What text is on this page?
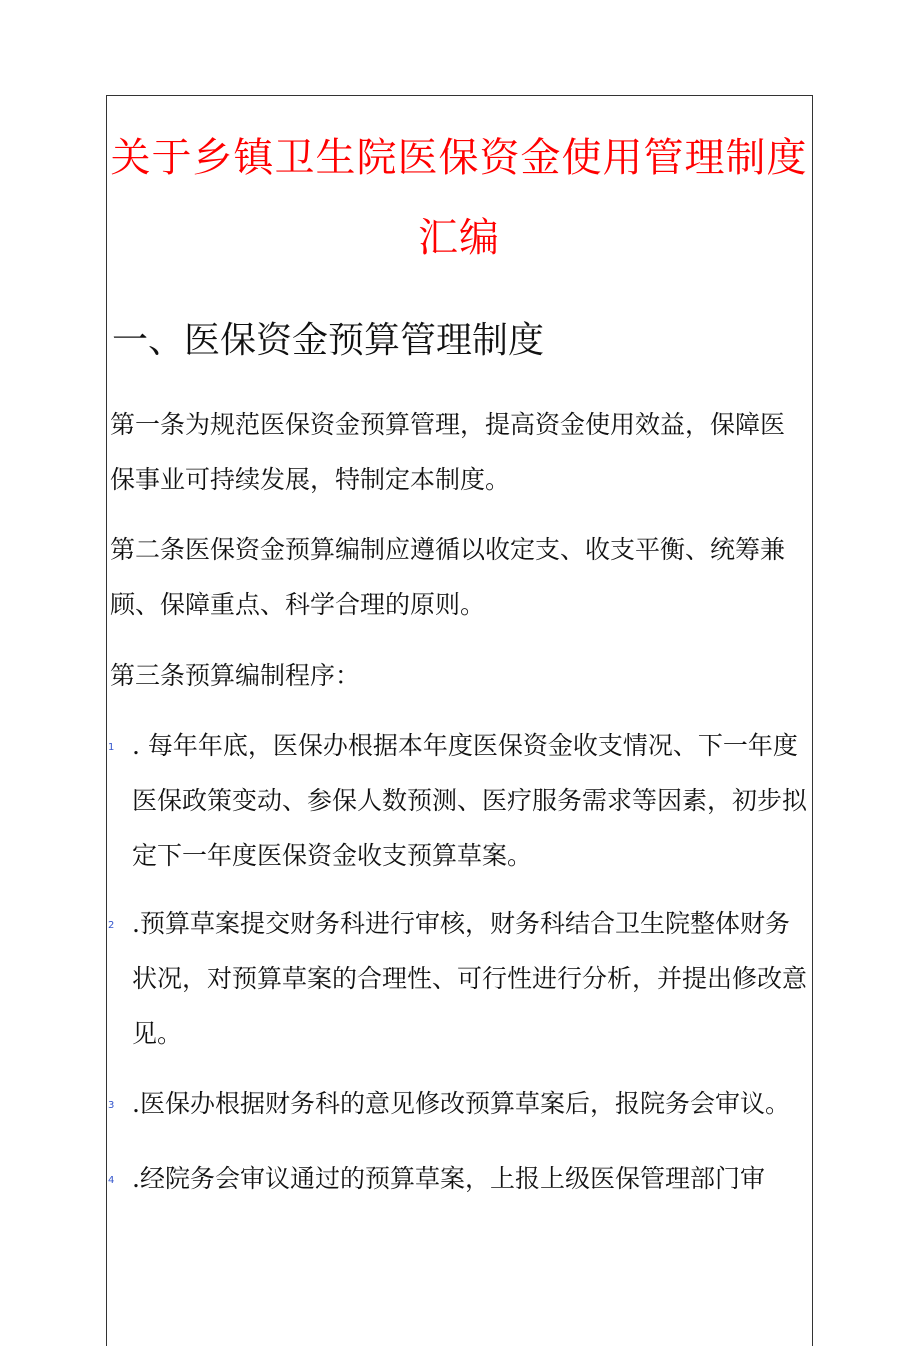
关于乡镇卫生院医保资金使用管理制度汇编
一、医保资金预算管理制度
第一条为规范医保资金预算管理，提高资金使用效益，保障医保事业可持续发展，特制定本制度。
第二条医保资金预算编制应遵循以收定支、收支平衡、统筹兼顾、保障重点、科学合理的原则。
第三条预算编制程序：
1 . 每年年底，医保办根据本年度医保资金收支情况、下一年度医保政策变动、参保人数预测、医疗服务需求等因素，初步拟定下一年度医保资金收支预算草案。
2 .预算草案提交财务科进行审核，财务科结合卫生院整体财务状况，对预算草案的合理性、可行性进行分析，并提出修改意见。
3 .医保办根据财务科的意见修改预算草案后，报院务会审议。
4 .经院务会审议通过的预算草案，上报上级医保管理部门审
